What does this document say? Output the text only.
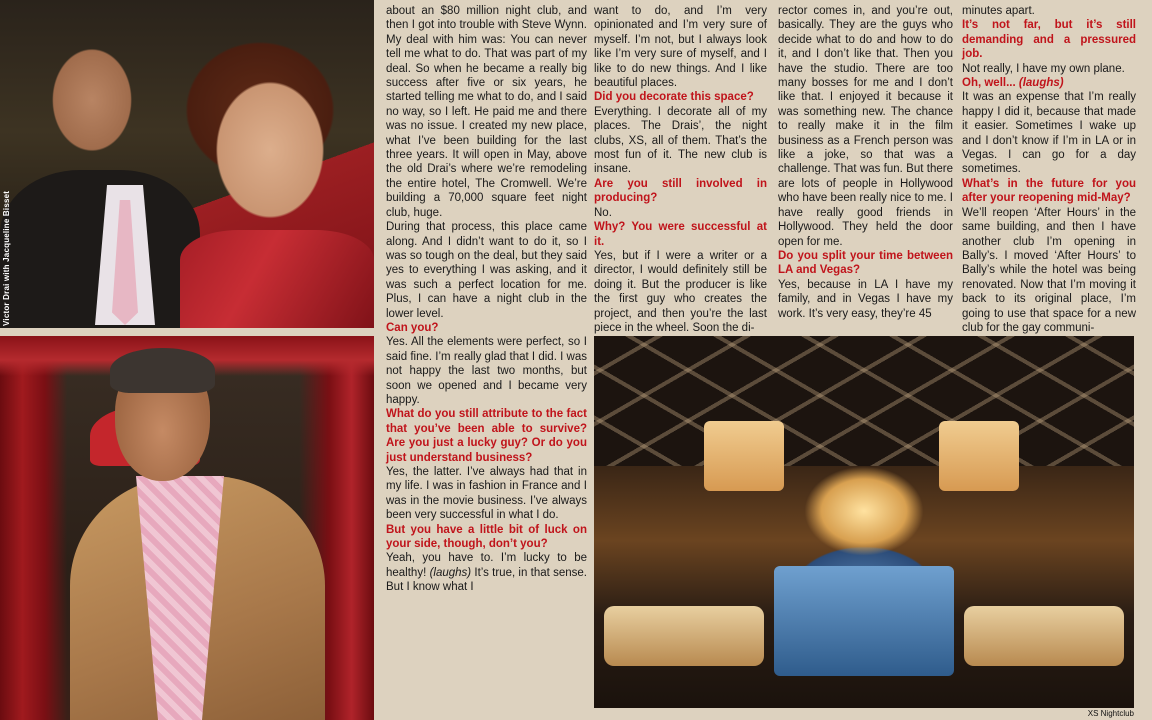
Victor Drai with Jacqueline Bisset

about an $80 million night club, and then I got into trouble with Steve Wynn. My deal with him was: You can never tell me what to do. That was part of my deal. So when he became a really big success after five or six years, he started telling me what to do, and I said no way, so I left. He paid me and there was no issue. I created my new place, what I’ve been building for the last three years. It will open in May, above the old Drai’s where we’re remodeling the entire hotel, The Cromwell. We’re building a 70,000 square feet night club, huge.

During that process, this place came along. And I didn’t want to do it, so I was so tough on the deal, but they said yes to everything I was asking, and it was such a perfect location for me. Plus, I can have a night club in the lower level.

Can you?

Yes. All the elements were perfect, so I said fine. I’m really glad that I did. I was not happy the last two months, but soon we opened and I became very happy.

What do you still attribute to the fact that you’ve been able to survive? Are you just a lucky guy? Or do you just understand business?

Yes, the latter. I’ve always had that in my life. I was in fashion in France and I was in the movie business. I’ve always been very successful in what I do.

But you have a little bit of luck on your side, though, don’t you?

Yeah, you have to. I’m lucky to be healthy! (laughs) It’s true, in that sense. But I know what I

want to do, and I’m very opinionated and I’m very sure of myself. I’m not, but I always look like I’m very sure of myself, and I like to do new things. And I like beautiful places.

Did you decorate this space?

Everything. I decorate all of my places. The Drais’, the night clubs, XS, all of them. That’s the most fun of it. The new club is insane.

Are you still involved in producing?

No.

Why? You were successful at it.

Yes, but if I were a writer or a director, I would definitely still be doing it. But the producer is like the first guy who creates the project, and then you’re the last piece in the wheel. Soon the di-

rector comes in, and you’re out, basically. They are the guys who decide what to do and how to do it, and I don’t like that. Then you have the studio. There are too many bosses for me and I don’t like that. I enjoyed it because it was something new. The chance to really make it in the film business as a French person was like a joke, so that was a challenge. That was fun. But there are lots of people in Hollywood who have been really nice to me. I have really good friends in Hollywood. They held the door open for me.

Do you split your time between LA and Vegas?

Yes, because in LA I have my family, and in Vegas I have my work. It’s very easy, they’re 45

minutes apart.

It’s not far, but it’s still demanding and a pressured job.

Not really, I have my own plane.

Oh, well... (laughs)

It was an expense that I’m really happy I did it, because that made it easier. Sometimes I wake up and I don’t know if I’m in LA or in Vegas. I can go for a day sometimes.

What’s in the future for you after your reopening mid-May?

We’ll reopen ‘After Hours’ in the same building, and then I have another club I’m opening in Bally’s. I moved ‘After Hours’ to Bally’s while the hotel was being renovated. Now that I’m moving it back to its original place, I’m going to use that space for a new club for the gay communi-

XS Nightclub
